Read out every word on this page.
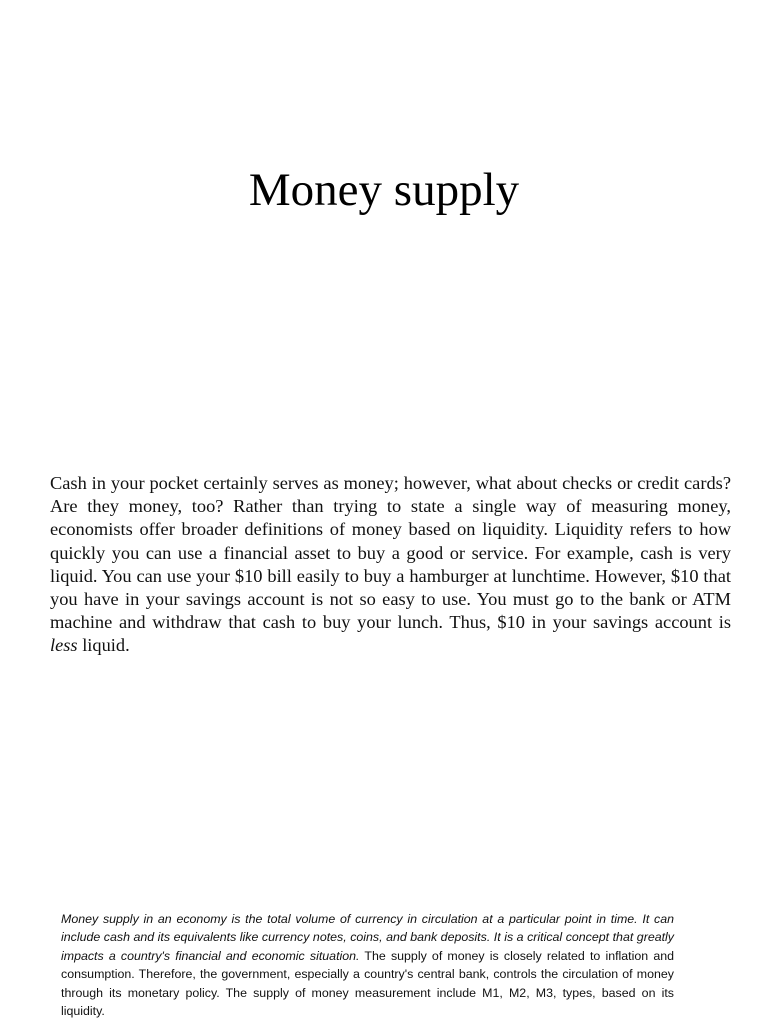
Money supply

Cash in your pocket certainly serves as money; however, what about checks or credit cards? Are they money, too? Rather than trying to state a single way of measuring money, economists offer broader definitions of money based on liquidity. Liquidity refers to how quickly you can use a financial asset to buy a good or service. For example, cash is very liquid. You can use your $10 bill easily to buy a hamburger at lunchtime. However, $10 that you have in your savings account is not so easy to use. You must go to the bank or ATM machine and withdraw that cash to buy your lunch. Thus, $10 in your savings account is less liquid.

Money supply in an economy is the total volume of currency in circulation at a particular point in time. It can include cash and its equivalents like currency notes, coins, and bank deposits. It is a critical concept that greatly impacts a country's financial and economic situation. The supply of money is closely related to inflation and consumption. Therefore, the government, especially a country's central bank, controls the circulation of money through its monetary policy. The supply of money measurement include M1, M2, M3, types, based on its liquidity.
